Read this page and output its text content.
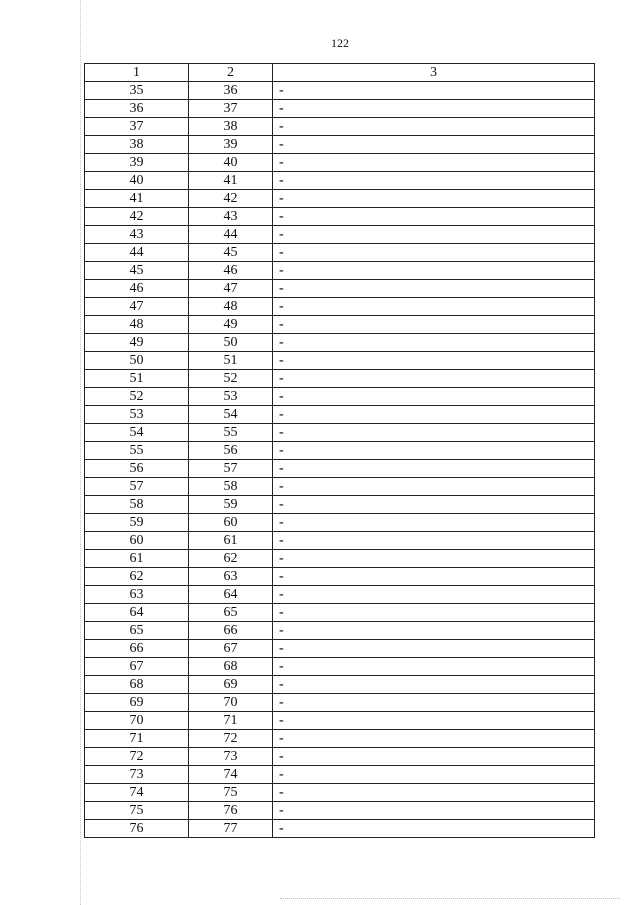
122
1	2	3
35	36	-
36	37	-
37	38	-
38	39	-
39	40	-
40	41	-
41	42	-
42	43	-
43	44	-
44	45	-
45	46	-
46	47	-
47	48	-
48	49	-
49	50	-
50	51	-
51	52	-
52	53	-
53	54	-
54	55	-
55	56	-
56	57	-
57	58	-
58	59	-
59	60	-
60	61	-
61	62	-
62	63	-
63	64	-
64	65	-
65	66	-
66	67	-
67	68	-
68	69	-
69	70	-
70	71	-
71	72	-
72	73	-
73	74	-
74	75	-
75	76	-
76	77	-
